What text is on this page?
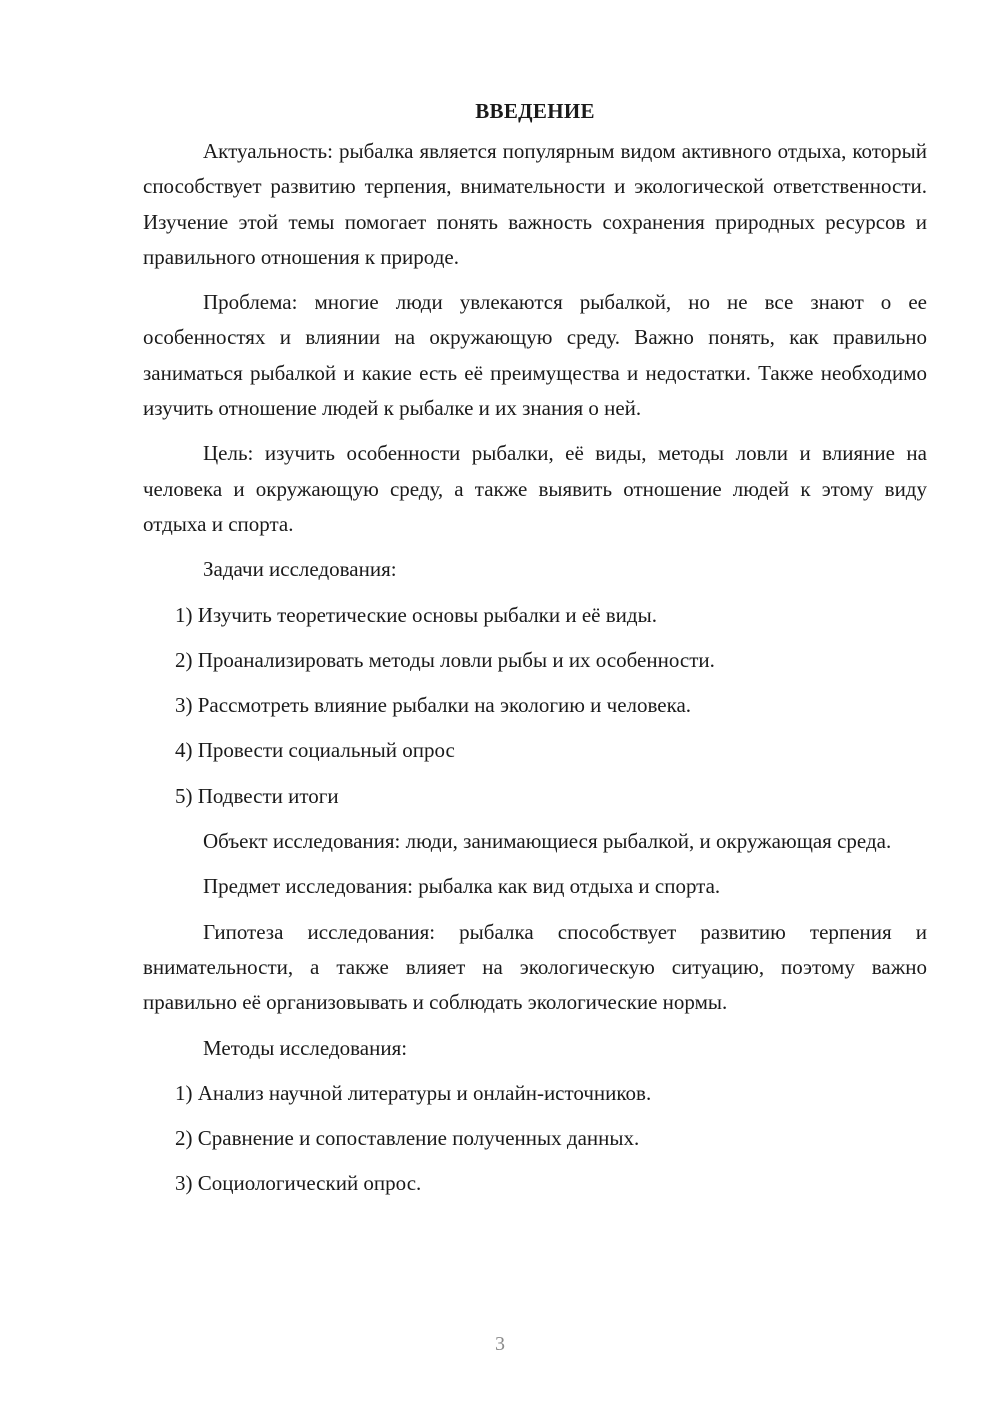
ВВЕДЕНИЕ

Актуальность: рыбалка является популярным видом активного отдыха, который способствует развитию терпения, внимательности и экологической ответственности. Изучение этой темы помогает понять важность сохранения природных ресурсов и правильного отношения к природе.

Проблема: многие люди увлекаются рыбалкой, но не все знают о ее особенностях и влиянии на окружающую среду. Важно понять, как правильно заниматься рыбалкой и какие есть её преимущества и недостатки. Также необходимо изучить отношение людей к рыбалке и их знания о ней.

Цель: изучить особенности рыбалки, её виды, методы ловли и влияние на человека и окружающую среду, а также выявить отношение людей к этому виду отдыха и спорта.

Задачи исследования:

1) Изучить теоретические основы рыбалки и её виды.
2) Проанализировать методы ловли рыбы и их особенности.
3) Рассмотреть влияние рыбалки на экологию и человека.
4) Провести социальный опрос
5) Подвести итоги

Объект исследования: люди, занимающиеся рыбалкой, и окружающая среда.

Предмет исследования: рыбалка как вид отдыха и спорта.

Гипотеза исследования: рыбалка способствует развитию терпения и внимательности, а также влияет на экологическую ситуацию, поэтому важно правильно её организовывать и соблюдать экологические нормы.

Методы исследования:

1) Анализ научной литературы и онлайн-источников.
2) Сравнение и сопоставление полученных данных.
3) Социологический опрос.
3
